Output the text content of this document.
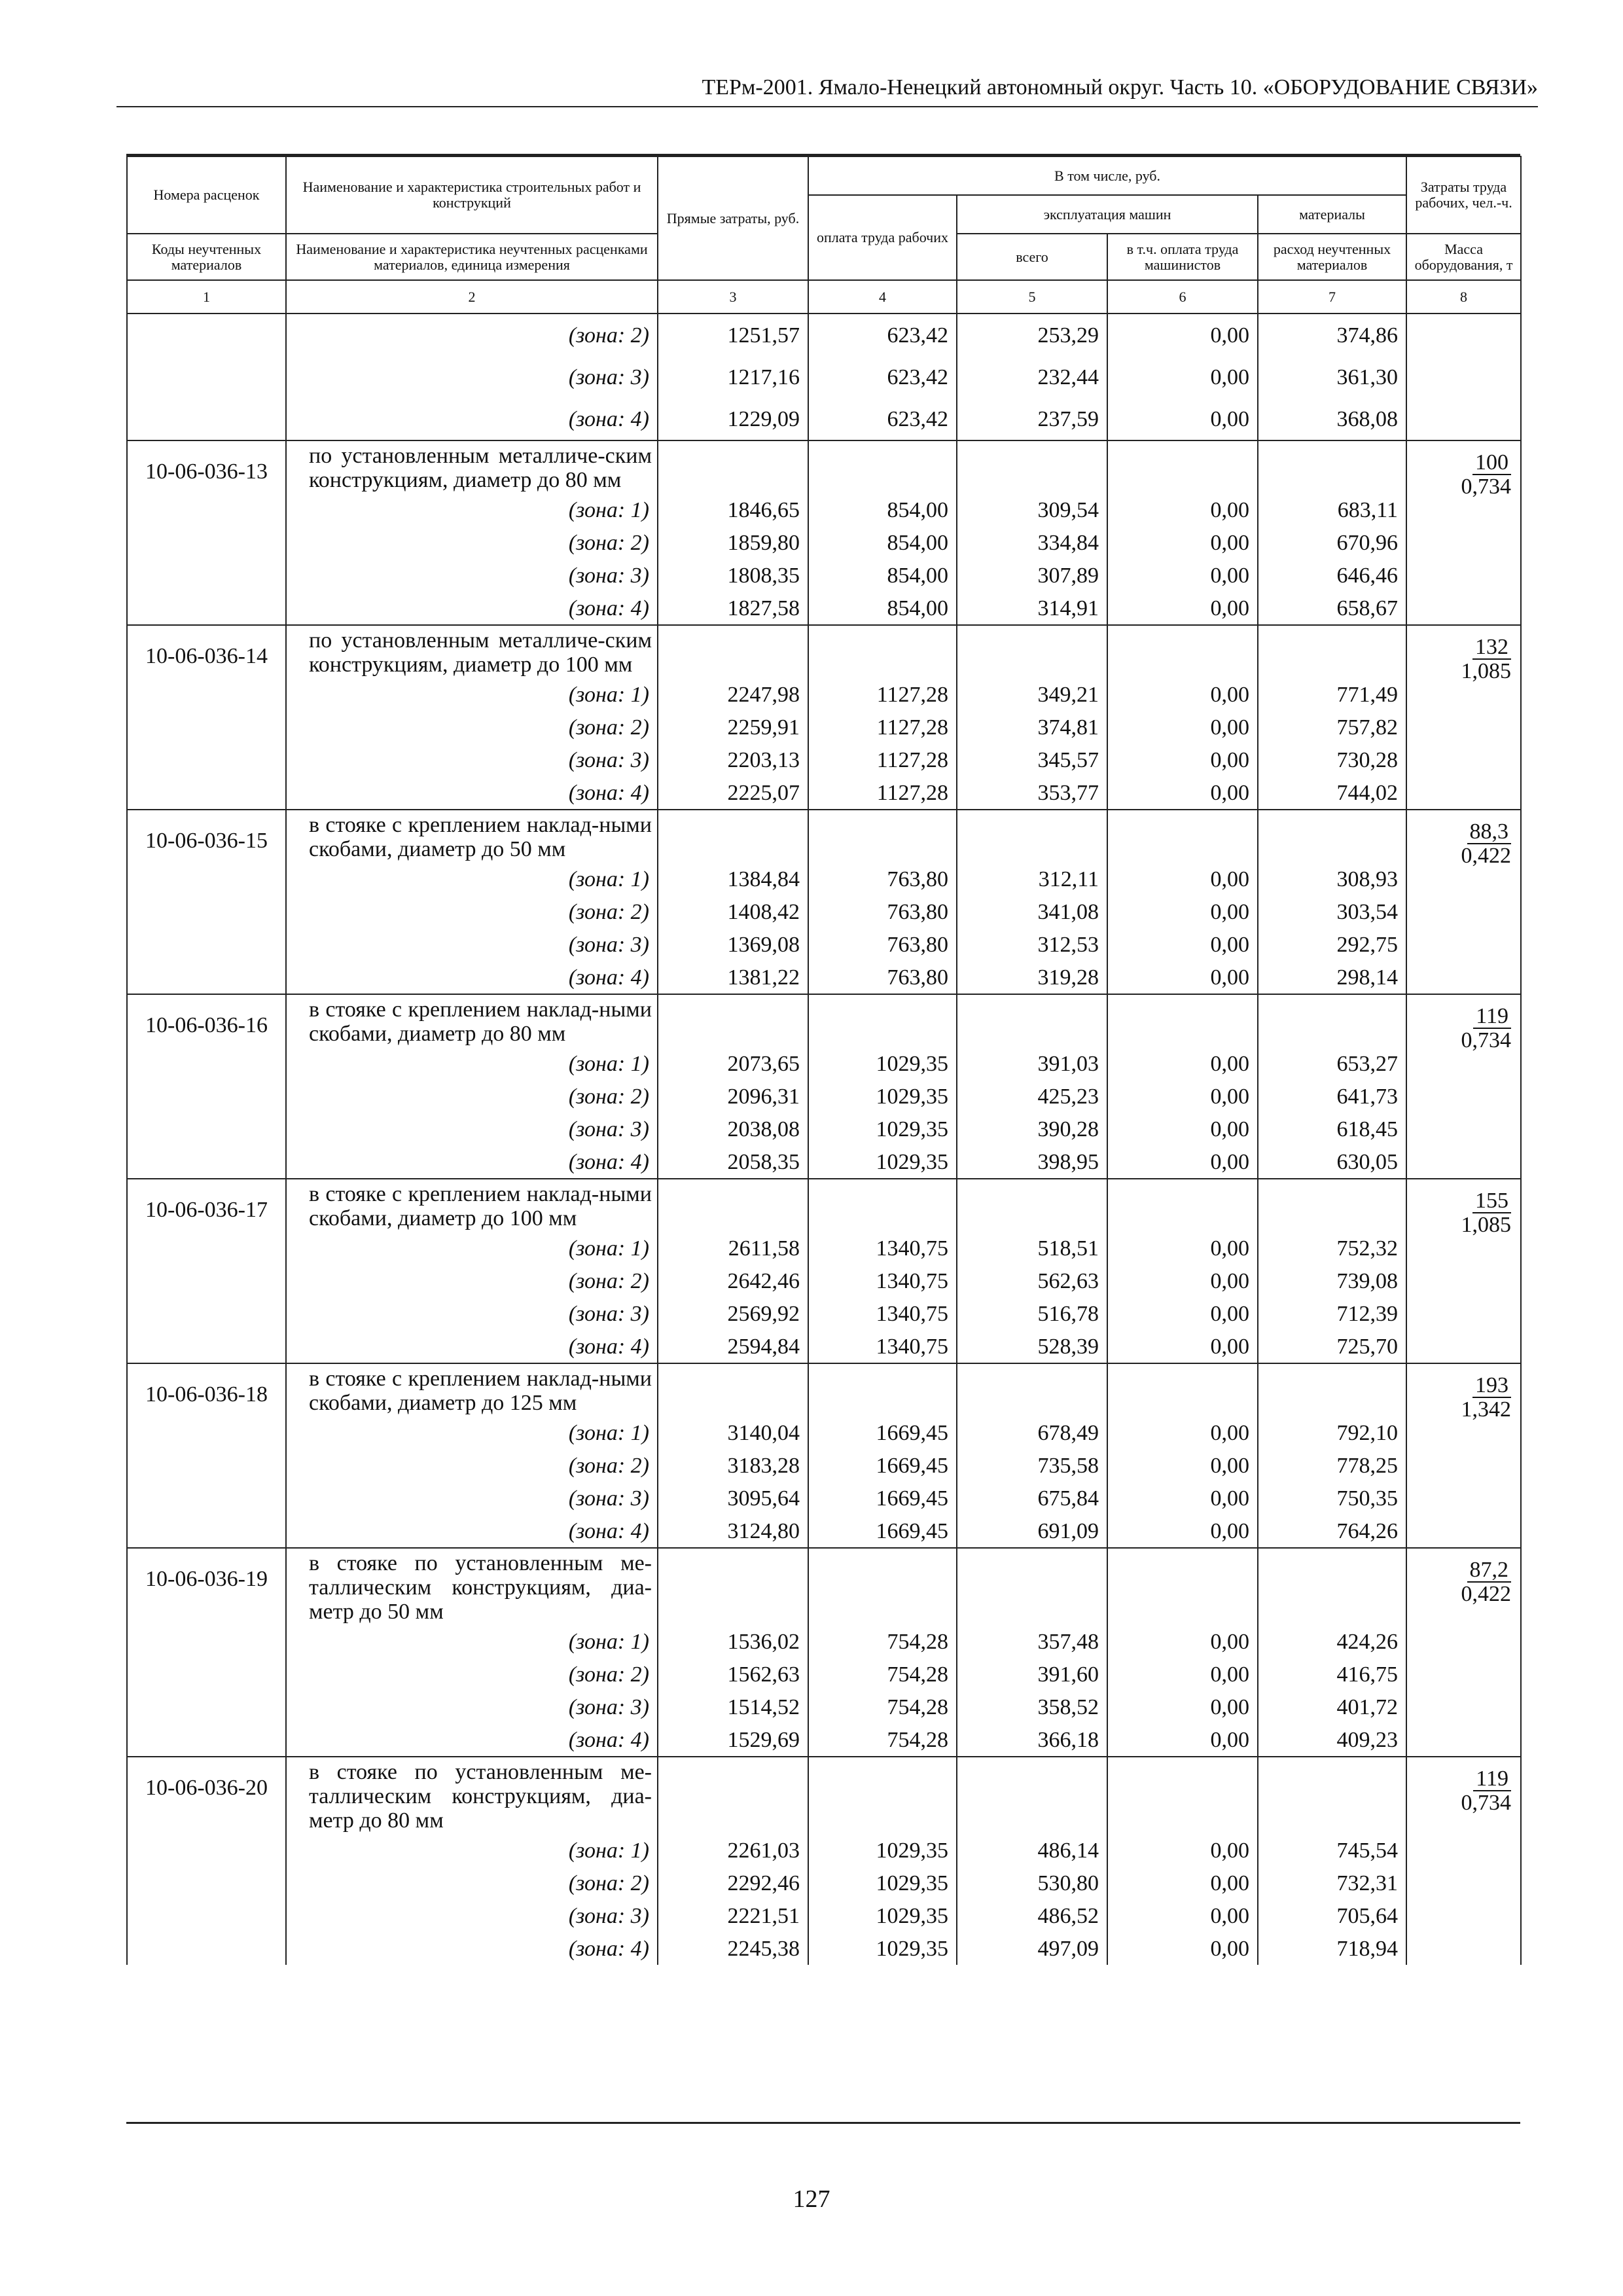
ТЕРм-2001. Ямало-Ненецкий автономный округ. Часть 10. «ОБОРУДОВАНИЕ СВЯЗИ»
Номера расценок	Наименование и характеристика строительных работ и конструкций	Прямые затраты, руб.	В том числе, руб.				Затраты труда рабочих, чел.-ч.
			оплата труда рабочих	эксплуатация машин		материалы	
Коды неучтенных материалов	Наименование и характеристика неучтенных расценками материалов, единица измерения			всего	в т.ч. оплата труда машинистов	расход неучтенных материалов	Масса оборудования, т
1	2	3	4	5	6	7	8
	(зона: 2)	1251,57	623,42	253,29	0,00	374,86	
	(зона: 3)	1217,16	623,42	232,44	0,00	361,30	
	(зона: 4)	1229,09	623,42	237,59	0,00	368,08	
10-06-036-13	по установленным металличе-ским конструкциям, диаметр до 80 мм						100
0,734

	(зона: 1)	1846,65	854,00	309,54	0,00	683,11	
	(зона: 2)	1859,80	854,00	334,84	0,00	670,96	
	(зона: 3)	1808,35	854,00	307,89	0,00	646,46	
	(зона: 4)	1827,58	854,00	314,91	0,00	658,67	
10-06-036-14	по установленным металличе-ским конструкциям, диаметр до 100 мм						132
1,085

	(зона: 1)	2247,98	1127,28	349,21	0,00	771,49	
	(зона: 2)	2259,91	1127,28	374,81	0,00	757,82	
	(зона: 3)	2203,13	1127,28	345,57	0,00	730,28	
	(зона: 4)	2225,07	1127,28	353,77	0,00	744,02	
10-06-036-15	в стояке с креплением наклад-ными скобами, диаметр до 50 мм						88,3
0,422

	(зона: 1)	1384,84	763,80	312,11	0,00	308,93	
	(зона: 2)	1408,42	763,80	341,08	0,00	303,54	
	(зона: 3)	1369,08	763,80	312,53	0,00	292,75	
	(зона: 4)	1381,22	763,80	319,28	0,00	298,14	
10-06-036-16	в стояке с креплением наклад-ными скобами, диаметр до 80 мм						119
0,734

	(зона: 1)	2073,65	1029,35	391,03	0,00	653,27	
	(зона: 2)	2096,31	1029,35	425,23	0,00	641,73	
	(зона: 3)	2038,08	1029,35	390,28	0,00	618,45	
	(зона: 4)	2058,35	1029,35	398,95	0,00	630,05	
10-06-036-17	в стояке с креплением наклад-ными скобами, диаметр до 100 мм						155
1,085

	(зона: 1)	2611,58	1340,75	518,51	0,00	752,32	
	(зона: 2)	2642,46	1340,75	562,63	0,00	739,08	
	(зона: 3)	2569,92	1340,75	516,78	0,00	712,39	
	(зона: 4)	2594,84	1340,75	528,39	0,00	725,70	
10-06-036-18	в стояке с креплением наклад-ными скобами, диаметр до 125 мм						193
1,342

	(зона: 1)	3140,04	1669,45	678,49	0,00	792,10	
	(зона: 2)	3183,28	1669,45	735,58	0,00	778,25	
	(зона: 3)	3095,64	1669,45	675,84	0,00	750,35	
	(зона: 4)	3124,80	1669,45	691,09	0,00	764,26	
10-06-036-19	в стояке по установленным ме-таллическим конструкциям, диа-метр до 50 мм						87,2
0,422

	(зона: 1)	1536,02	754,28	357,48	0,00	424,26	
	(зона: 2)	1562,63	754,28	391,60	0,00	416,75	
	(зона: 3)	1514,52	754,28	358,52	0,00	401,72	
	(зона: 4)	1529,69	754,28	366,18	0,00	409,23	
10-06-036-20	в стояке по установленным ме-таллическим конструкциям, диа-метр до 80 мм						119
0,734

	(зона: 1)	2261,03	1029,35	486,14	0,00	745,54	
	(зона: 2)	2292,46	1029,35	530,80	0,00	732,31	
	(зона: 3)	2221,51	1029,35	486,52	0,00	705,64	
	(зона: 4)	2245,38	1029,35	497,09	0,00	718,94	
127
